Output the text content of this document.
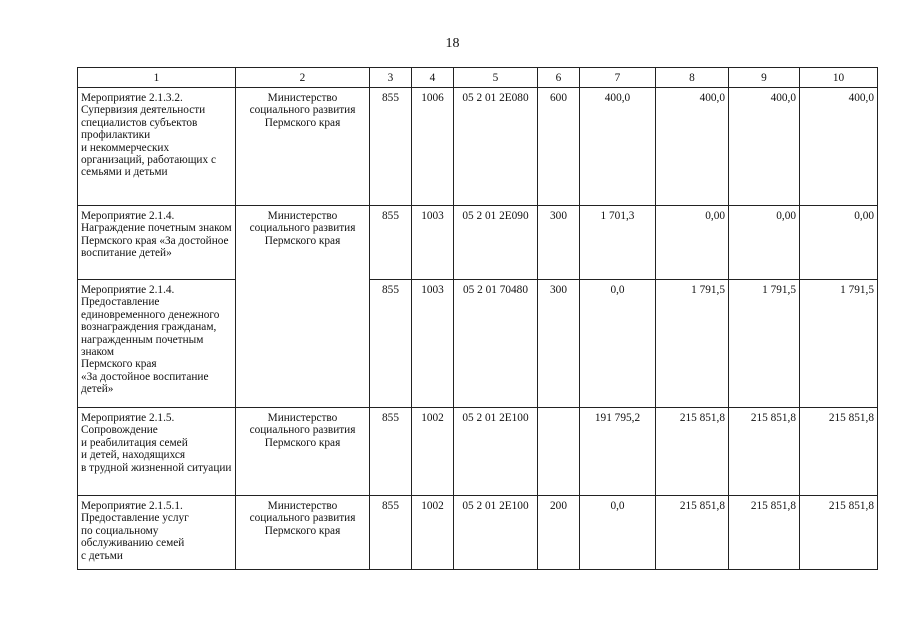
18
1	2	3	4	5	6	7	8	9	10
Мероприятие 2.1.3.2.
Супервизия деятельности специалистов субъектов профилактики
и некоммерческих организаций, работающих с семьями и детьми	Министерство социального развития Пермского края	855	1006	05 2 01 2E080	600	400,0	400,0	400,0	400,0
Мероприятие 2.1.4.
Награждение почетным знаком Пермского края «За достойное воспитание детей»	Министерство социального развития Пермского края	855	1003	05 2 01 2E090	300	1 701,3	0,00	0,00	0,00
Мероприятие 2.1.4.
Предоставление единовременного денежного вознаграждения гражданам, награжденным почетным знаком
Пермского края
«За достойное воспитание детей»		855	1003	05 2 01 70480	300	0,0	1 791,5	1 791,5	1 791,5
Мероприятие 2.1.5.
Сопровождение
и реабилитация семей
и детей, находящихся
в трудной жизненной ситуации	Министерство социального развития Пермского края	855	1002	05 2 01 2E100		191 795,2	215 851,8	215 851,8	215 851,8
Мероприятие 2.1.5.1.
Предоставление услуг
по социальному обслуживанию семей
с детьми	Министерство социального развития Пермского края	855	1002	05 2 01 2E100	200	0,0	215 851,8	215 851,8	215 851,8
